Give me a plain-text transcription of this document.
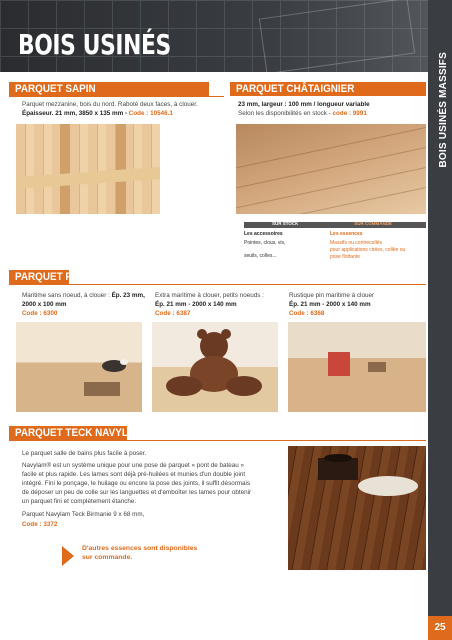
BOIS USINÉS
BOIS USINÉS MASSIFS
25
PARQUET SAPIN
Parquet mezzanine, bois du nord. Raboté deux faces, à clouer.
Épaisseur. 21 mm, 3850 x 135 mm - Code : 10546.1
PARQUET CHÂTAIGNIER
23 mm, largeur : 100 mm / longueur variable
Selon les disponibilités en stock - code : 9991
SUR STOCK	SUR COMMANDE
Les accessoires
Pointes, clous, vis,
seuils, colles...
Les essences
Massifs ou contrecollés
pour applications cirées, collée ou
pose flottante
PARQUET PIN
Maritime sans noeud, à clouer : Ép. 23 mm,
2000 x 100 mm
Code : 6300
Extra maritime à clouer, petits noeuds :
Ép. 21 mm - 2000 x 140 mm
Code : 6387
Rustique pin maritime à clouer
Ép. 21 mm - 2000 x 140 mm
Code : 6368
PARQUET TECK NAVYLAM
Le parquet salle de bains plus facile à poser.
Navylam® est un système unique pour une pose de parquet « pont de bateau »
facile et plus rapide. Les lames sont déjà pré-huilées et munies d'un double joint
intégré. Fini le ponçage, le huilage ou encore la pose des joints, il suffit désormais
de déposer un peu de colle sur les languettes et d'emboîter les lames pour obtenir
un parquet fini et complètement étanche.
Parquet Navylam Teck Birmanie 9 x 68 mm,
Code : 3372
D'autres essences sont disponibles
sur commande.
